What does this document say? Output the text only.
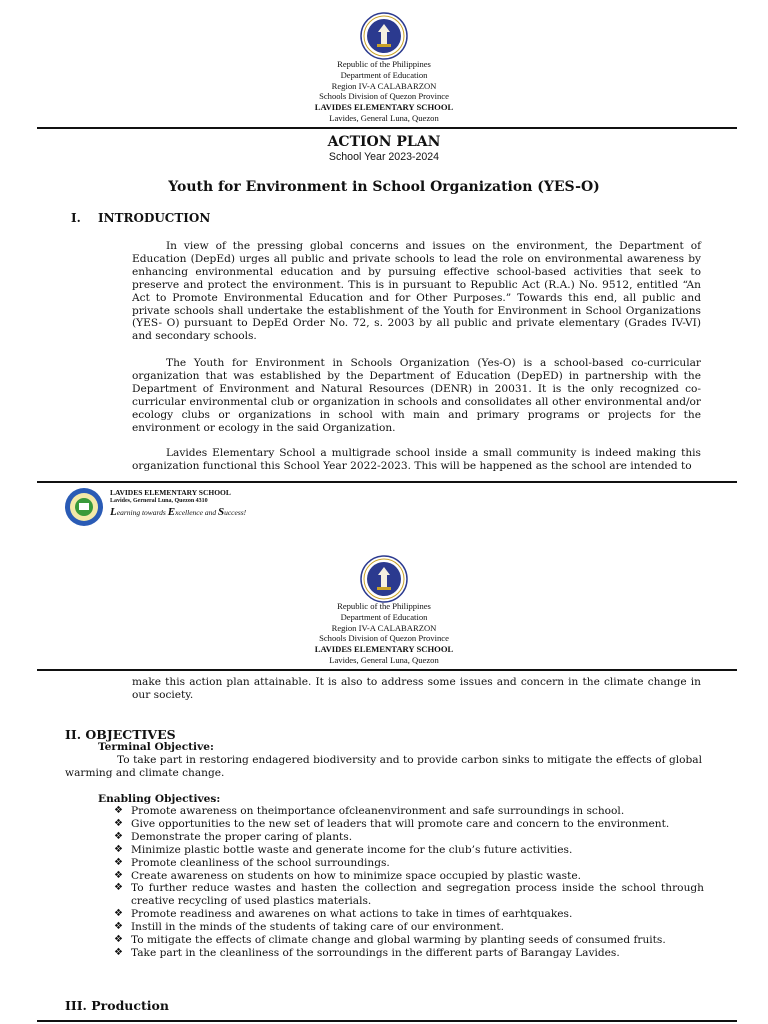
Republic of the Philippines
Department of Education
Region IV-A CALABARZON
Schools Division of Quezon Province
LAVIDES ELEMENTARY SCHOOL
Lavides, General Luna, Quezon
ACTION PLAN
School Year 2023-2024
Youth for Environment in School Organization (YES-O)
I. INTRODUCTION

In view of the pressing global concerns and issues on the environment, the Department of Education (DepEd) urges all public and private schools to lead the role on environmental awareness by enhancing environmental education and by pursuing effective school-based activities that seek to preserve and protect the environment. This is in pursuant to Republic Act (R.A.) No. 9512, entitled “An Act to Promote Environmental Education and for Other Purposes.” Towards this end, all public and private schools shall undertake the establishment of the Youth for Environment in School Organizations (YES- O) pursuant to DepEd Order No. 72, s. 2003 by all public and private elementary (Grades IV-VI) and secondary schools.

The Youth for Environment in Schools Organization (Yes-O) is a school-based co-curricular organization that was established by the Department of Education (DepED) in partnership with the Department of Environment and Natural Resources (DENR) in 20031. It is the only recognized co-curricular environmental club or organization in schools and consolidates all other environmental and/or ecology clubs or organizations in school with main and primary programs or projects for the environment or ecology in the said Organization.

Lavides Elementary School a multigrade school inside a small community is indeed making this organization functional this School Year 2022-2023. This will be happened as the school are intended to

LAVIDES ELEMENTARY SCHOOL
Lavides, Gerneral Luna, Quezon 4310
Learning towards Excellence and Success!
Republic of the Philippines
Department of Education
Region IV-A CALABARZON
Schools Division of Quezon Province
LAVIDES ELEMENTARY SCHOOL
Lavides, General Luna, Quezon

make this action plan attainable. It is also to address some issues and concern in the climate change in our society.

II. OBJECTIVES
Terminal Objective:

To take part in restoring endagered biodiversity and to provide carbon sinks to mitigate the effects of global warming and climate change.

Enabling Objectives:
❖ Promote awareness on theimportance ofcleanenvironment and safe surroundings in school.
❖ Give opportunities to the new set of leaders that will promote care and concern to the environment.
❖ Demonstrate the proper caring of plants.
❖ Minimize plastic bottle waste and generate income for the club’s future activities.
❖ Promote cleanliness of the school surroundings.
❖ Create awareness on students on how to minimize space occupied by plastic waste.
❖ To further reduce wastes and hasten the collection and segregation process inside the school through creative recycling of used plastics materials.
❖ Promote readiness and awarenes on what actions to take in times of earhtquakes.
❖ Instill in the minds of the students of taking care of our environment.
❖ To mitigate the effects of climate change and global warming by planting seeds of consumed fruits.
❖ Take part in the cleanliness of the sorroundings in the different parts of Barangay Lavides.
III. Production
